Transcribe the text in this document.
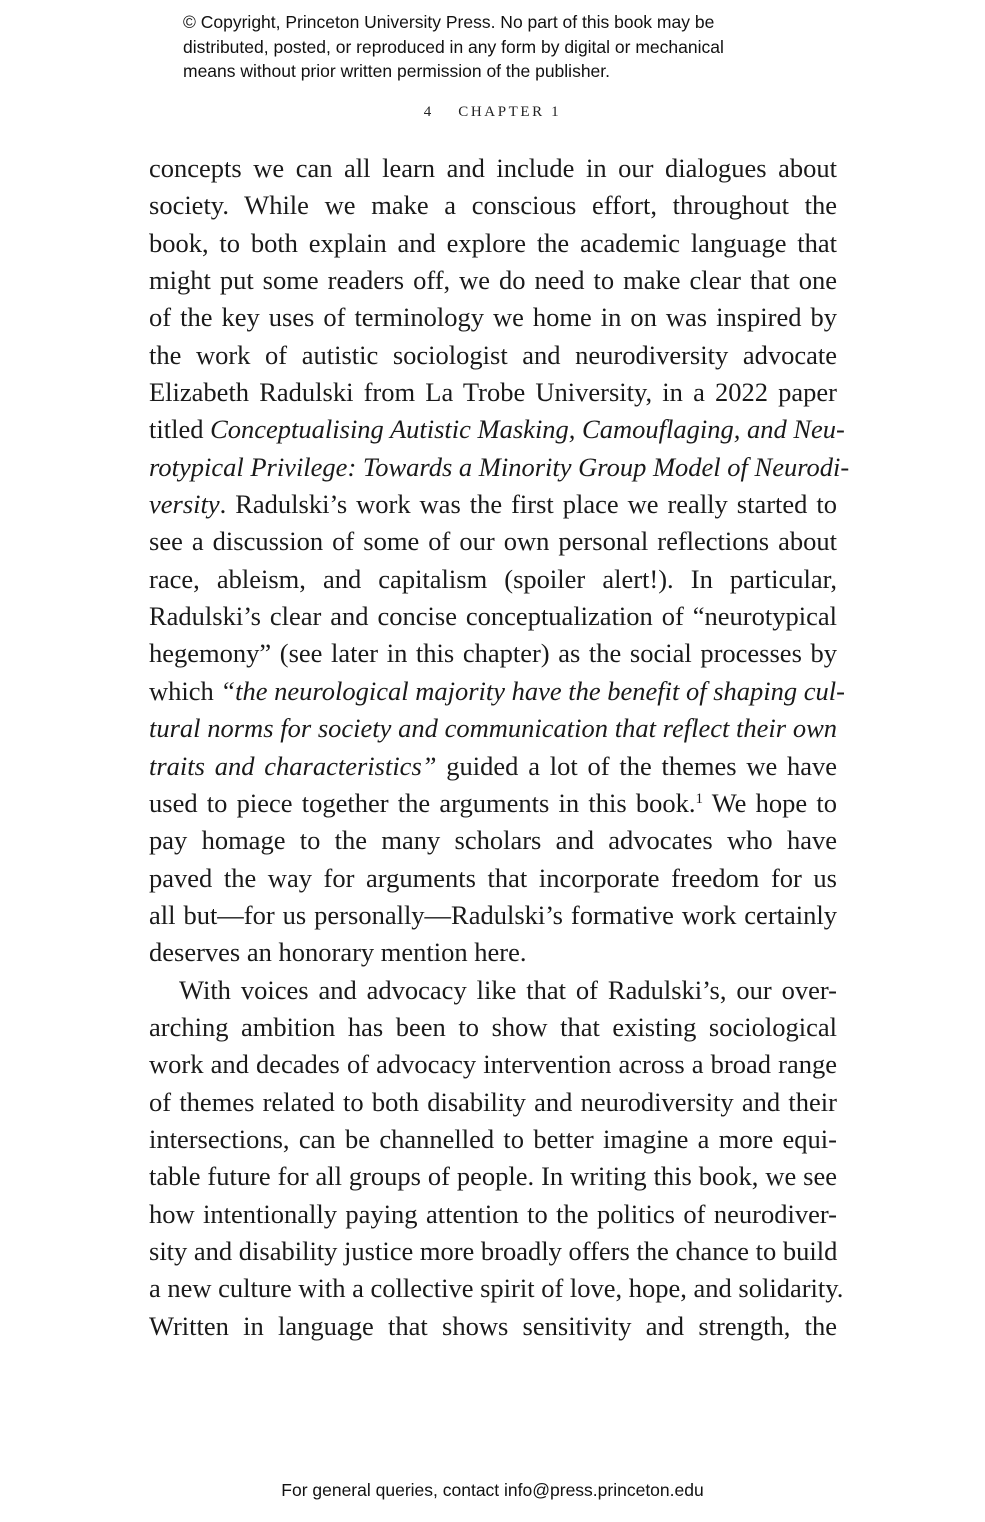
© Copyright, Princeton University Press. No part of this book may be
distributed, posted, or reproduced in any form by digital or mechanical
means without prior written permission of the publisher.
4 CHAPTER 1
concepts we can all learn and include in our dialogues about
society. While we make a conscious effort, throughout the
book, to both explain and explore the academic language that
might put some readers off, we do need to make clear that one
of the key uses of terminology we home in on was inspired by
the work of autistic sociologist and neurodiversity advocate
Elizabeth Radulski from La Trobe University, in a 2022 paper
titled Conceptualising Autistic Masking, Camouflaging, and Neu-
rotypical Privilege: Towards a Minority Group Model of Neurodi-
versity. Radulski’s work was the first place we really started to
see a discussion of some of our own personal reflections about
race, ableism, and capitalism (spoiler alert!). In particular,
Radulski’s clear and concise conceptualization of “neurotypical
hegemony” (see later in this chapter) as the social processes by
which “the neurological majority have the benefit of shaping cul-
tural norms for society and communication that reflect their own
traits and characteristics” guided a lot of the themes we have
used to piece together the arguments in this book.$^1$ We hope to
pay homage to the many scholars and advocates who have
paved the way for arguments that incorporate freedom for us
all but—for us personally—Radulski’s formative work certainly
deserves an honorary mention here.
With voices and advocacy like that of Radulski’s, our over-
arching ambition has been to show that existing sociological
work and decades of advocacy intervention across a broad range
of themes related to both disability and neurodiversity and their
intersections, can be channelled to better imagine a more equi-
table future for all groups of people. In writing this book, we see
how intentionally paying attention to the politics of neurodiver-
sity and disability justice more broadly offers the chance to build
a new culture with a collective spirit of love, hope, and solidarity.
Written in language that shows sensitivity and strength, the
For general queries, contact info@press.princeton.edu
